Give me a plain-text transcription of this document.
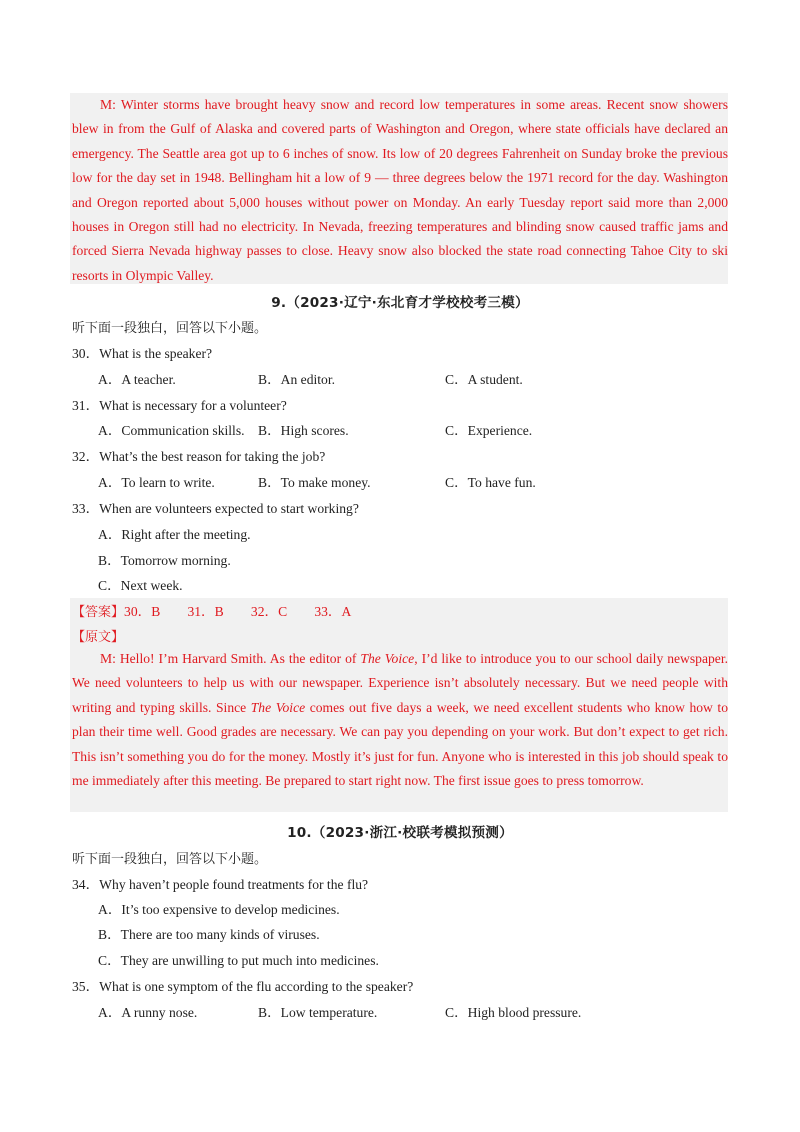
M: Winter storms have brought heavy snow and record low temperatures in some areas. Recent snow showers blew in from the Gulf of Alaska and covered parts of Washington and Oregon, where state officials have declared an emergency. The Seattle area got up to 6 inches of snow. Its low of 20 degrees Fahrenheit on Sunday broke the previous low for the day set in 1948. Bellingham hit a low of 9 — three degrees below the 1971 record for the day. Washington and Oregon reported about 5,000 houses without power on Monday. An early Tuesday report said more than 2,000 houses in Oregon still had no electricity. In Nevada, freezing temperatures and blinding snow caused traffic jams and forced Sierra Nevada highway passes to close. Heavy snow also blocked the state road connecting Tahoe City to ski resorts in Olympic Valley.

9.（2023·辽宁·东北育才学校校考三模）
听下面一段独白，回答以下小题。
30．What is the speaker?
A．A teacher.	B．An editor.	C．A student.
31．What is necessary for a volunteer?
A．Communication skills. B．High scores.	C．Experience.
32．What’s the best reason for taking the job?
A．To learn to write.	B．To make money.	C．To have fun.
33．When are volunteers expected to start working?
A．Right after the meeting.
B．Tomorrow morning.
C．Next week.
【答案】30．B　　31．B　　32．C　　33．A
【原文】

M: Hello! I’m Harvard Smith. As the editor of The Voice, I’d like to introduce you to our school daily newspaper. We need volunteers to help us with our newspaper. Experience isn’t absolutely necessary. But we need people with writing and typing skills. Since The Voice comes out five days a week, we need excellent students who know how to plan their time well. Good grades are necessary. We can pay you depending on your work. But don’t expect to get rich. This isn’t something you do for the money. Mostly it’s just for fun. Anyone who is interested in this job should speak to me immediately after this meeting. Be prepared to start right now. The first issue goes to press tomorrow.

10.（2023·浙江·校联考模拟预测）
听下面一段独白，回答以下小题。
34．Why haven’t people found treatments for the flu?
A．It’s too expensive to develop medicines.
B．There are too many kinds of viruses.
C．They are unwilling to put much into medicines.
35．What is one symptom of the flu according to the speaker?
A．A runny nose.	B．Low temperature.	C．High blood pressure.
